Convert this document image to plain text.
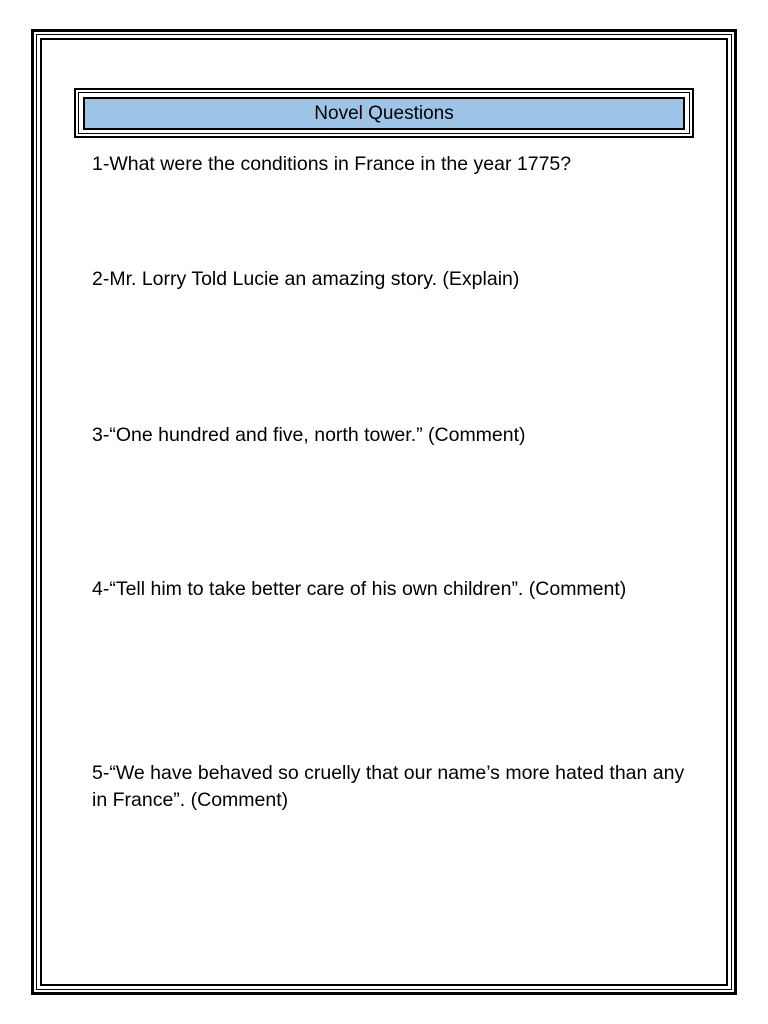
Novel Questions

1-What were the conditions in France in the year 1775?

2-Mr. Lorry Told Lucie an amazing story. (Explain)

3-“One hundred and five, north tower.” (Comment)

4-“Tell him to take better care of his own children”. (Comment)

5-“We have behaved so cruelly that our name’s more hated than any in France”. (Comment)
